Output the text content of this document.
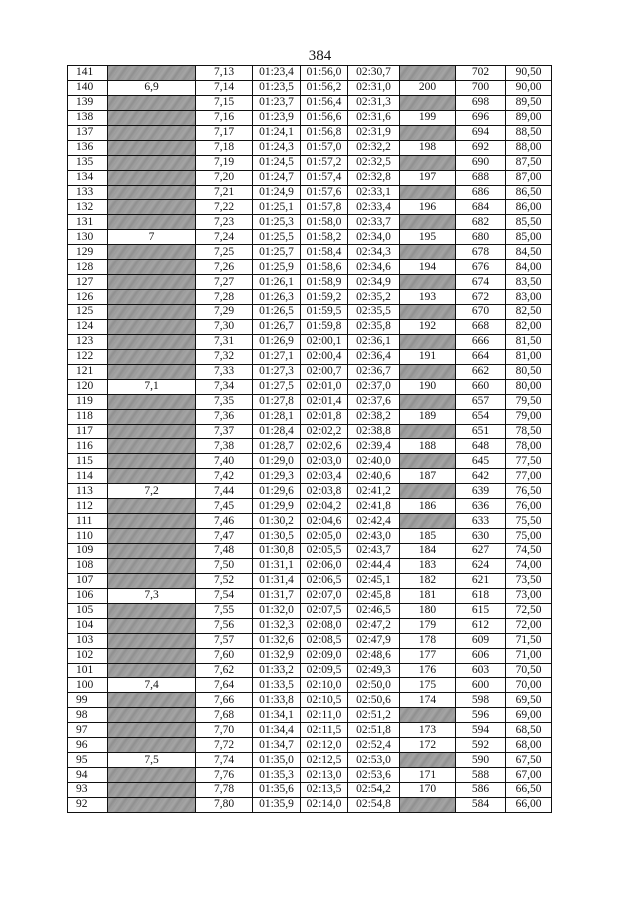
384
141		7,13	01:23,4	01:56,0	02:30,7		702	90,50
140	6,9	7,14	01:23,5	01:56,2	02:31,0	200	700	90,00
139		7,15	01:23,7	01:56,4	02:31,3		698	89,50
138		7,16	01:23,9	01:56,6	02:31,6	199	696	89,00
137		7,17	01:24,1	01:56,8	02:31,9		694	88,50
136		7,18	01:24,3	01:57,0	02:32,2	198	692	88,00
135		7,19	01:24,5	01:57,2	02:32,5		690	87,50
134		7,20	01:24,7	01:57,4	02:32,8	197	688	87,00
133		7,21	01:24,9	01:57,6	02:33,1		686	86,50
132		7,22	01:25,1	01:57,8	02:33,4	196	684	86,00
131		7,23	01:25,3	01:58,0	02:33,7		682	85,50
130	7	7,24	01:25,5	01:58,2	02:34,0	195	680	85,00
129		7,25	01:25,7	01:58,4	02:34,3		678	84,50
128		7,26	01:25,9	01:58,6	02:34,6	194	676	84,00
127		7,27	01:26,1	01:58,9	02:34,9		674	83,50
126		7,28	01:26,3	01:59,2	02:35,2	193	672	83,00
125		7,29	01:26,5	01:59,5	02:35,5		670	82,50
124		7,30	01:26,7	01:59,8	02:35,8	192	668	82,00
123		7,31	01:26,9	02:00,1	02:36,1		666	81,50
122		7,32	01:27,1	02:00,4	02:36,4	191	664	81,00
121		7,33	01:27,3	02:00,7	02:36,7		662	80,50
120	7,1	7,34	01:27,5	02:01,0	02:37,0	190	660	80,00
119		7,35	01:27,8	02:01,4	02:37,6		657	79,50
118		7,36	01:28,1	02:01,8	02:38,2	189	654	79,00
117		7,37	01:28,4	02:02,2	02:38,8		651	78,50
116		7,38	01:28,7	02:02,6	02:39,4	188	648	78,00
115		7,40	01:29,0	02:03,0	02:40,0		645	77,50
114		7,42	01:29,3	02:03,4	02:40,6	187	642	77,00
113	7,2	7,44	01:29,6	02:03,8	02:41,2		639	76,50
112		7,45	01:29,9	02:04,2	02:41,8	186	636	76,00
111		7,46	01:30,2	02:04,6	02:42,4		633	75,50
110		7,47	01:30,5	02:05,0	02:43,0	185	630	75,00
109		7,48	01:30,8	02:05,5	02:43,7	184	627	74,50
108		7,50	01:31,1	02:06,0	02:44,4	183	624	74,00
107		7,52	01:31,4	02:06,5	02:45,1	182	621	73,50
106	7,3	7,54	01:31,7	02:07,0	02:45,8	181	618	73,00
105		7,55	01:32,0	02:07,5	02:46,5	180	615	72,50
104		7,56	01:32,3	02:08,0	02:47,2	179	612	72,00
103		7,57	01:32,6	02:08,5	02:47,9	178	609	71,50
102		7,60	01:32,9	02:09,0	02:48,6	177	606	71,00
101		7,62	01:33,2	02:09,5	02:49,3	176	603	70,50
100	7,4	7,64	01:33,5	02:10,0	02:50,0	175	600	70,00
99		7,66	01:33,8	02:10,5	02:50,6	174	598	69,50
98		7,68	01:34,1	02:11,0	02:51,2		596	69,00
97		7,70	01:34,4	02:11,5	02:51,8	173	594	68,50
96		7,72	01:34,7	02:12,0	02:52,4	172	592	68,00
95	7,5	7,74	01:35,0	02:12,5	02:53,0		590	67,50
94		7,76	01:35,3	02:13,0	02:53,6	171	588	67,00
93		7,78	01:35,6	02:13,5	02:54,2	170	586	66,50
92		7,80	01:35,9	02:14,0	02:54,8		584	66,00
